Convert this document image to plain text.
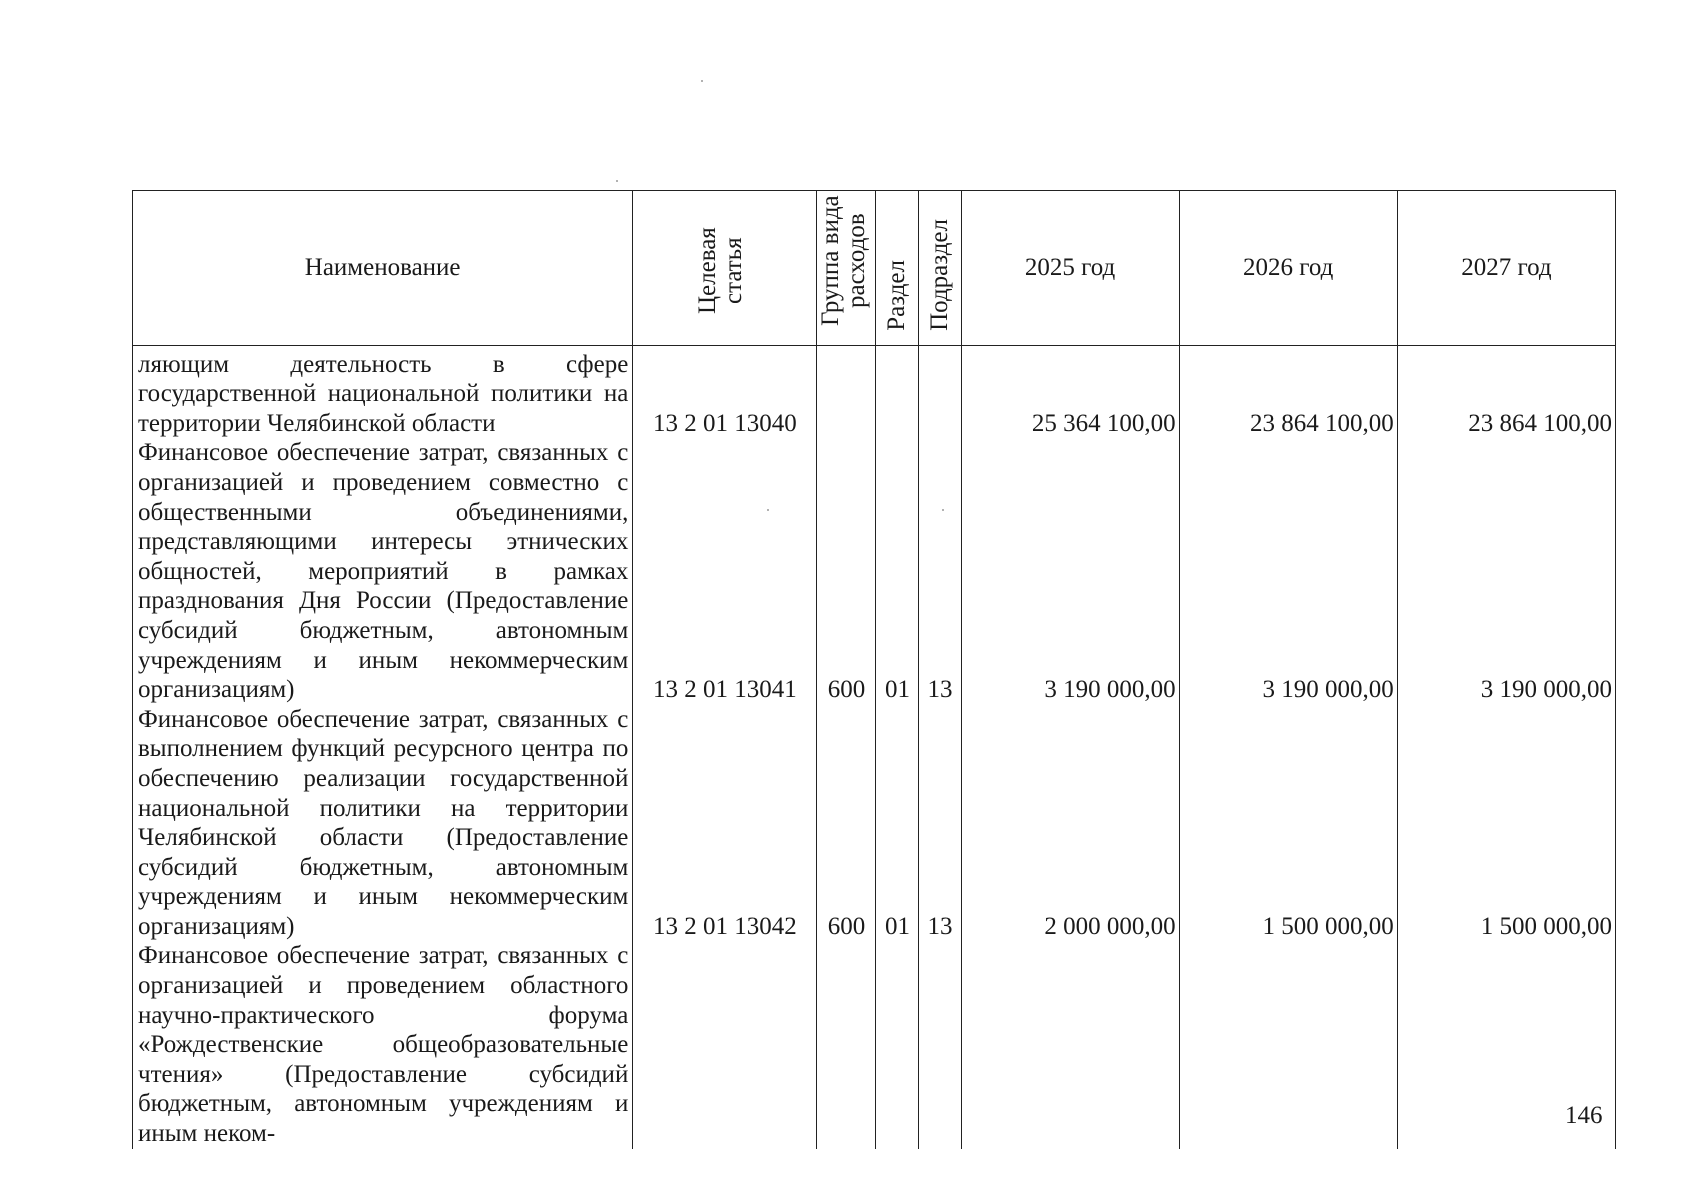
Наименование	Целевая статья	Группа вида расходов	Раздел	Подраздел	2025 год	2026 год	2027 год
ляющим деятельность в сфере государственной национальной политики на территории Челябинской области	13 2 01 13040				25 364 100,00	23 864 100,00	23 864 100,00
Финансовое обеспечение затрат, связанных с организацией и проведением совместно с общественными объединениями, представляющими интересы этнических общностей, мероприятий в рамках празднования Дня России (Предоставление субсидий бюджетным, автономным учреждениям и иным некоммерческим организациям)	13 2 01 13041	600	01	13	3 190 000,00	3 190 000,00	3 190 000,00
Финансовое обеспечение затрат, связанных с выполнением функций ресурсного центра по обеспечению реализации государственной национальной политики на территории Челябинской области (Предоставление субсидий бюджетным, автономным учреждениям и иным некоммерческим организациям)	13 2 01 13042	600	01	13	2 000 000,00	1 500 000,00	1 500 000,00
Финансовое обеспечение затрат, связанных с организацией и проведением областного научно-практического форума «Рождественские общеобразовательные чтения» (Предоставление субсидий бюджетным, автономным учреждениям и иным неком-							
146
